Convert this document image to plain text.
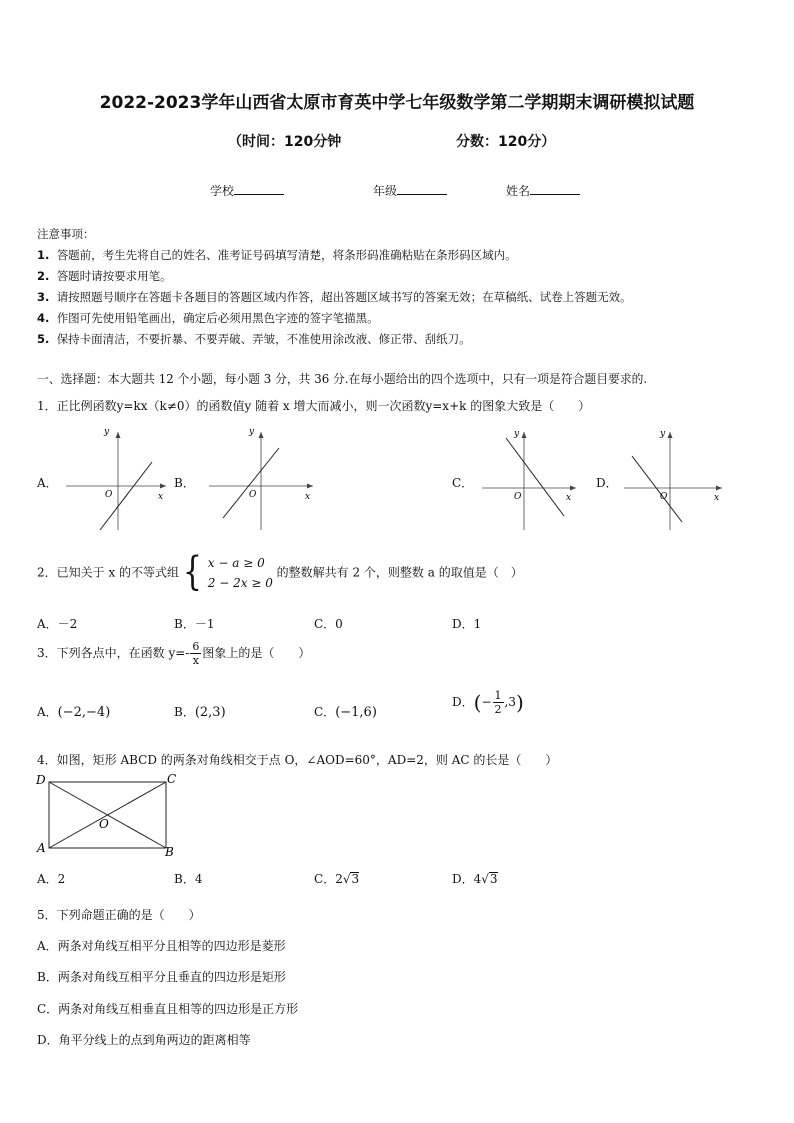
2022-2023学年山西省太原市育英中学七年级数学第二学期期末调研模拟试题
（时间：120分钟	分数：120分）
学校	年级	姓名
注意事项：
1. 答题前，考生先将自己的姓名、准考证号码填写清楚，将条形码准确粘贴在条形码区域内。
2. 答题时请按要求用笔。
3. 请按照题号顺序在答题卡各题目的答题区域内作答，超出答题区域书写的答案无效；在草稿纸、试卷上答题无效。
4. 作图可先使用铅笔画出，确定后必须用黑色字迹的签字笔描黑。
5. 保持卡面清洁，不要折暴、不要弄破、弄皱，不准使用涂改液、修正带、刮纸刀。
一、选择题：本大题共 12 个小题，每小题 3 分，共 36 分.在每小题给出的四个选项中，只有一项是符合题目要求的.
1．正比例函数y=kx（k≠0）的函数值y 随着 x 增大而减小，则一次函数y=x+k 的图象大致是（　　）
A．
y
x
O
B．
y
x
O
C．
y
x
O
D．
y
x
O
2．已知关于 x 的不等式组 { x − a ≥ 0
2 − 2x ≥ 0
的整数解共有 2 个，则整数 a 的取值是（　）
A．－2	B．－1	C．0	D．1
3．下列各点中，在函数 $y=- \frac{6}{x}$ 图象上的是（　　）
A．(−2,−4)	B．(2,3)	C．(−1,6)
D．(− $\frac{1}{2} ,3$)
4．如图，矩形 ABCD 的两条对角线相交于点 O，∠AOD=60°，AD=2，则 AC 的长是（　　）
D	C
A	B
O
A．2	B．4	C．2√3	D．4√3
5．下列命题正确的是（　　）
A．两条对角线互相平分且相等的四边形是菱形
B．两条对角线互相平分且垂直的四边形是矩形
C．两条对角线互相垂直且相等的四边形是正方形
D．角平分线上的点到角两边的距离相等
